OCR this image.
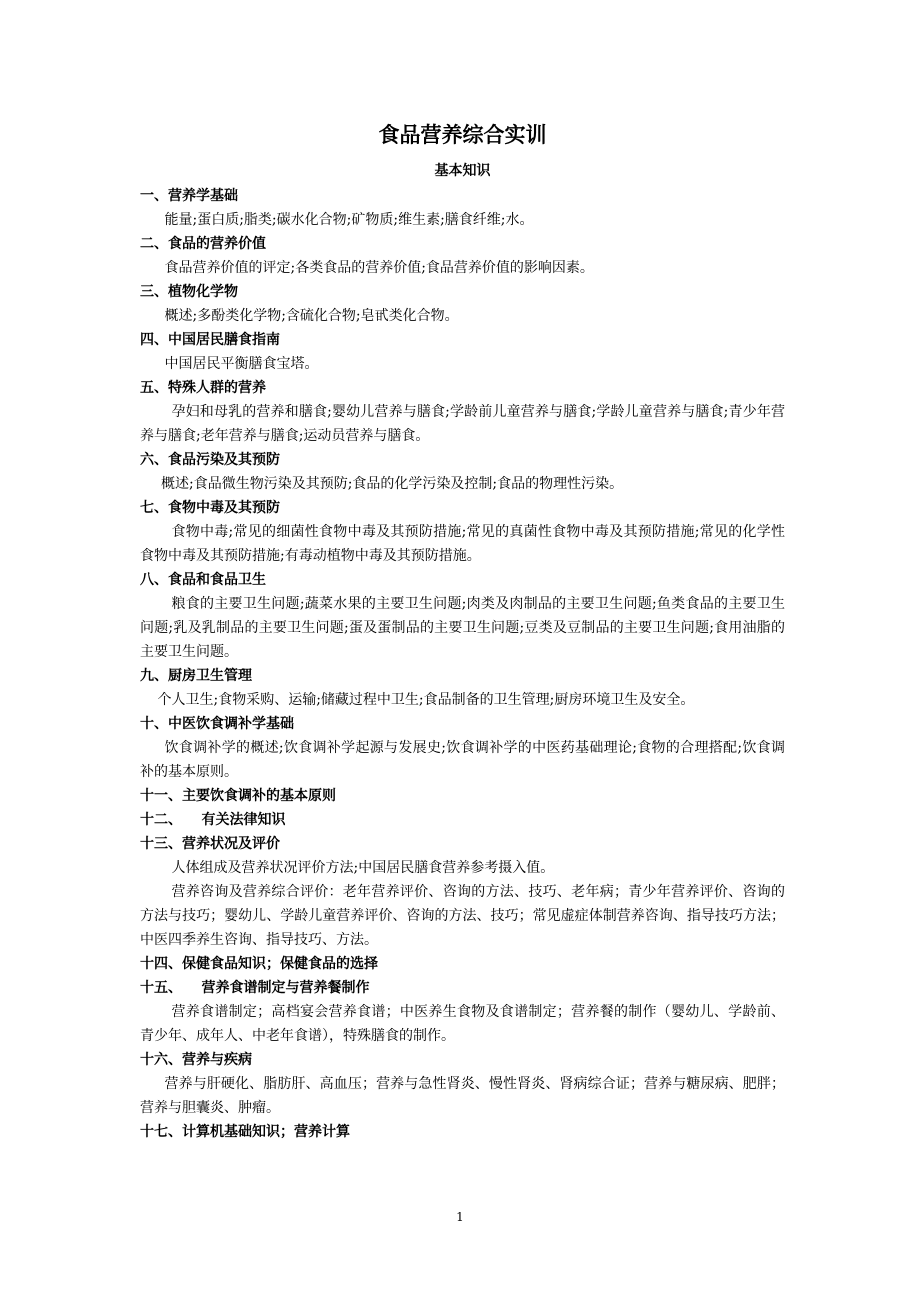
食品营养综合实训
基本知识
一、营养学基础

能量;蛋白质;脂类;碳水化合物;矿物质;维生素;膳食纤维;水。

二、食品的营养价值

食品营养价值的评定;各类食品的营养价值;食品营养价值的影响因素。

三、植物化学物

概述;多酚类化学物;含硫化合物;皂甙类化合物。

四、中国居民膳食指南

中国居民平衡膳食宝塔。

五、特殊人群的营养

孕妇和母乳的营养和膳食;婴幼儿营养与膳食;学龄前儿童营养与膳食;学龄儿童营养与膳食;青少年营养与膳食;老年营养与膳食;运动员营养与膳食。

六、食品污染及其预防

概述;食品微生物污染及其预防;食品的化学污染及控制;食品的物理性污染。

七、食物中毒及其预防

食物中毒;常见的细菌性食物中毒及其预防措施;常见的真菌性食物中毒及其预防措施;常见的化学性食物中毒及其预防措施;有毒动植物中毒及其预防措施。

八、食品和食品卫生

粮食的主要卫生问题;蔬菜水果的主要卫生问题;肉类及肉制品的主要卫生问题;鱼类食品的主要卫生问题;乳及乳制品的主要卫生问题;蛋及蛋制品的主要卫生问题;豆类及豆制品的主要卫生问题;食用油脂的主要卫生问题。

九、厨房卫生管理

个人卫生;食物采购、运输;储藏过程中卫生;食品制备的卫生管理;厨房环境卫生及安全。

十、中医饮食调补学基础

饮食调补学的概述;饮食调补学起源与发展史;饮食调补学的中医药基础理论;食物的合理搭配;饮食调补的基本原则。

十一、主要饮食调补的基本原则
十二、    有关法律知识
十三、营养状况及评价

人体组成及营养状况评价方法;中国居民膳食营养参考摄入值。

营养咨询及营养综合评价：老年营养评价、咨询的方法、技巧、老年病；青少年营养评价、咨询的方法与技巧；婴幼儿、学龄儿童营养评价、咨询的方法、技巧；常见虚症体制营养咨询、指导技巧方法；中医四季养生咨询、指导技巧、方法。

十四、保健食品知识；保健食品的选择
十五、    营养食谱制定与营养餐制作

营养食谱制定；高档宴会营养食谱；中医养生食物及食谱制定；营养餐的制作（婴幼儿、学龄前、青少年、成年人、中老年食谱），特殊膳食的制作。

十六、营养与疾病

营养与肝硬化、脂肪肝、高血压；营养与急性肾炎、慢性肾炎、肾病综合证；营养与糖尿病、肥胖；营养与胆囊炎、肿瘤。

十七、计算机基础知识；营养计算
1
